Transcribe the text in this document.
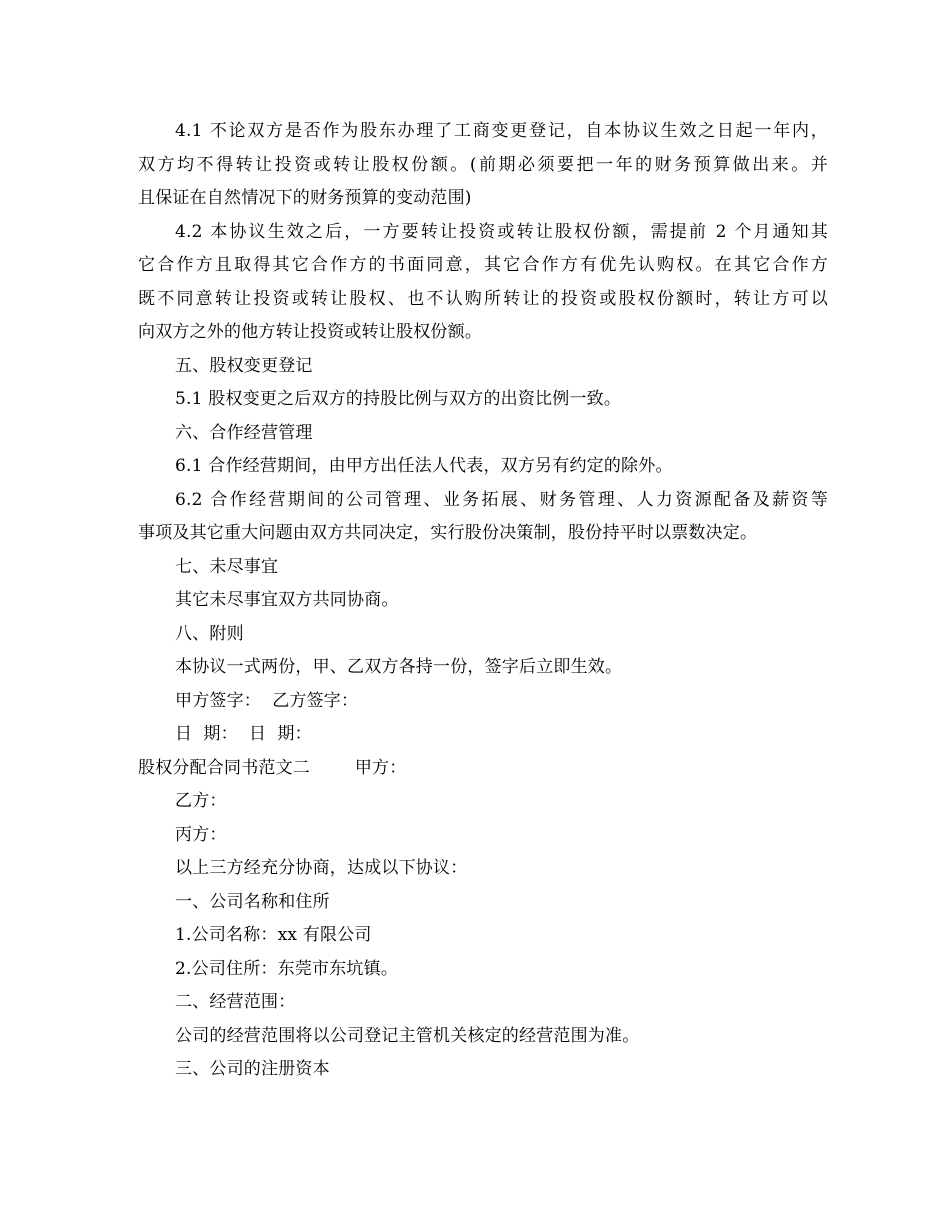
4.1 不论双方是否作为股东办理了工商变更登记，自本协议生效之日起一年内，
双方均不得转让投资或转让股权份额。(前期必须要把一年的财务预算做出来。并
且保证在自然情况下的财务预算的变动范围)
4.2 本协议生效之后，一方要转让投资或转让股权份额，需提前 2 个月通知其
它合作方且取得其它合作方的书面同意，其它合作方有优先认购权。在其它合作方
既不同意转让投资或转让股权、也不认购所转让的投资或股权份额时，转让方可以
向双方之外的他方转让投资或转让股权份额。
五、股权变更登记
5.1 股权变更之后双方的持股比例与双方的出资比例一致。
六、合作经营管理
6.1 合作经营期间，由甲方出任法人代表，双方另有约定的除外。
6.2 合作经营期间的公司管理、业务拓展、财务管理、人力资源配备及薪资等
事项及其它重大问题由双方共同决定，实行股份决策制，股份持平时以票数决定。
七、未尽事宜
其它未尽事宜双方共同协商。
八、附则
本协议一式两份，甲、乙双方各持一份，签字后立即生效。
甲方签字：  乙方签字：
日  期：  日  期：
股权分配合同书范文二        甲方：
乙方：
丙方：
以上三方经充分协商，达成以下协议：
一、公司名称和住所
1.公司名称：xx 有限公司
2.公司住所：东莞市东坑镇。
二、经营范围：
公司的经营范围将以公司登记主管机关核定的经营范围为准。
三、公司的注册资本
